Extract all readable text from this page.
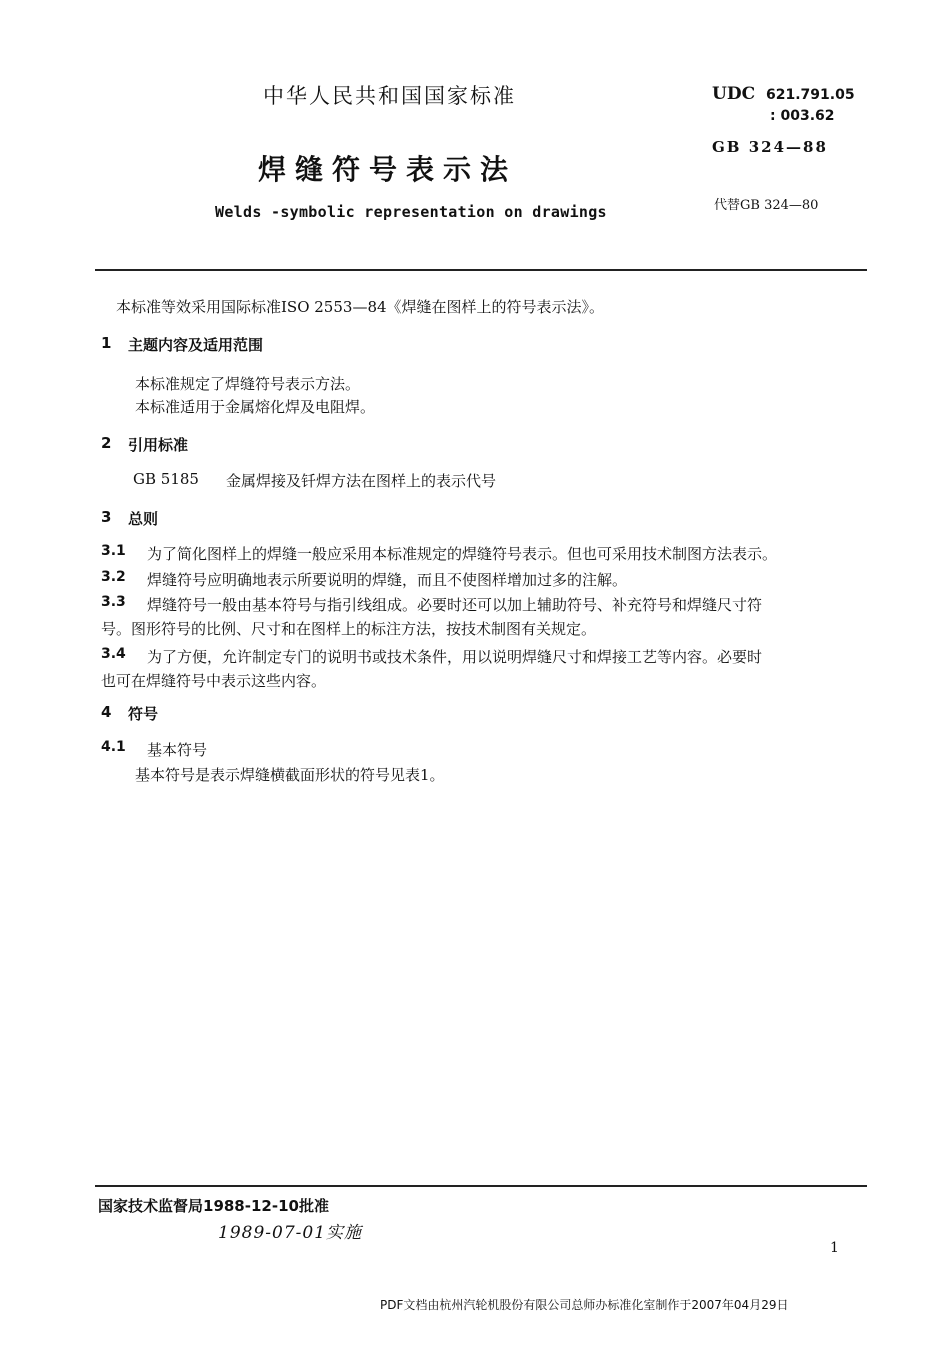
中华人民共和国国家标准
焊缝符号表示法
Welds -symbolic representation on drawings
UDC 621.791.05
: 003.62
GB 324—88
代替GB 324—80
本标准等效采用国际标准ISO 2553—84《焊缝在图样上的符号表示法》。
1 主题内容及适用范围
本标准规定了焊缝符号表示方法。
本标准适用于金属熔化焊及电阻焊。
2 引用标准
GB 5185 金属焊接及钎焊方法在图样上的表示代号
3 总则
3.1 为了简化图样上的焊缝一般应采用本标准规定的焊缝符号表示。但也可采用技术制图方法表示。
3.2 焊缝符号应明确地表示所要说明的焊缝，而且不使图样增加过多的注解。
3.3 焊缝符号一般由基本符号与指引线组成。必要时还可以加上辅助符号、补充符号和焊缝尺寸符
号。图形符号的比例、尺寸和在图样上的标注方法，按技术制图有关规定。
3.4 为了方便，允许制定专门的说明书或技术条件，用以说明焊缝尺寸和焊接工艺等内容。必要时
也可在焊缝符号中表示这些内容。
4 符号
4.1 基本符号
基本符号是表示焊缝横截面形状的符号见表1。
国家技术监督局1988-12-10批准
1989-07-01实施
1
PDF文档由杭州汽轮机股份有限公司总师办标准化室制作于2007年04月29日
